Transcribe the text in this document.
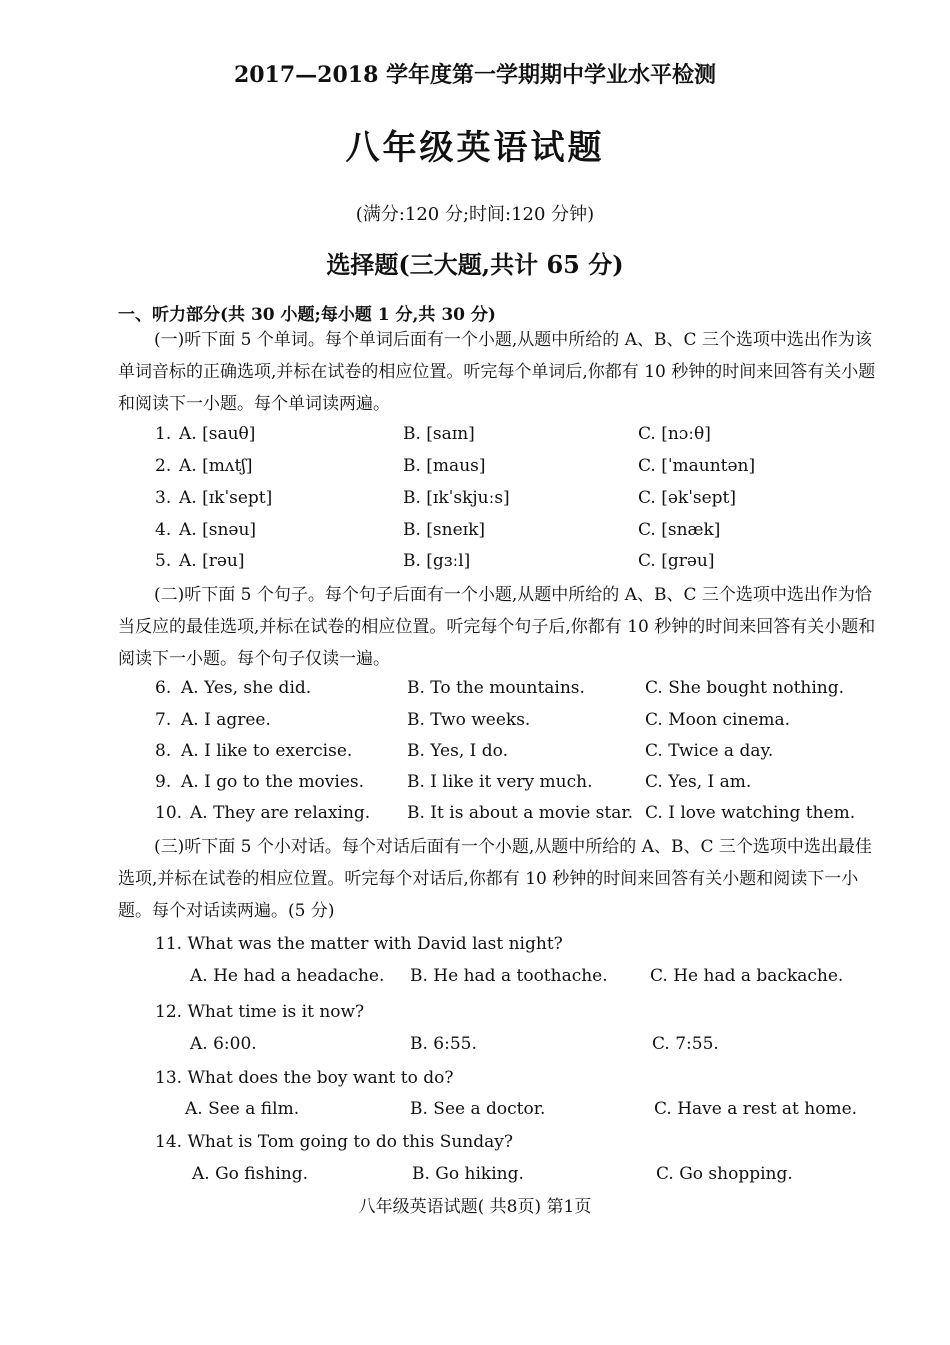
2017—2018 学年度第一学期期中学业水平检测
八年级英语试题
(满分:120 分;时间:120 分钟)
选择题(三大题,共计 65 分)
一、听力部分(共 30 小题;每小题 1 分,共 30 分)
(一)听下面 5 个单词。每个单词后面有一个小题,从题中所给的 A、B、C 三个选项中选出作为该单词音标的正确选项,并标在试卷的相应位置。听完每个单词后,你都有 10 秒钟的时间来回答有关小题和阅读下一小题。每个单词读两遍。
1. A. [sauθ]	B. [saɪn]	C. [nɔːθ]
2. A. [mʌtʃ]	B. [maus]	C. [ˈmauntən]
3. A. [ɪkˈsept]	B. [ɪkˈskjuːs]	C. [əkˈsept]
4. A. [snəu]	B. [sneɪk]	C. [snæk]
5. A. [rəu]	B. [gɜːl]	C. [grəu]
(二)听下面 5 个句子。每个句子后面有一个小题,从题中所给的 A、B、C 三个选项中选出作为恰当反应的最佳选项,并标在试卷的相应位置。听完每个句子后,你都有 10 秒钟的时间来回答有关小题和阅读下一小题。每个句子仅读一遍。
6. A. Yes, she did.	B. To the mountains.	C. She bought nothing.
7. A. I agree.	B. Two weeks.	C. Moon cinema.
8. A. I like to exercise.	B. Yes, I do.	C. Twice a day.
9. A. I go to the movies.	B. I like it very much.	C. Yes, I am.
10. A. They are relaxing. B. It is about a movie star. C. I love watching them.
(三)听下面 5 个小对话。每个对话后面有一个小题,从题中所给的 A、B、C 三个选项中选出最佳选项,并标在试卷的相应位置。听完每个对话后,你都有 10 秒钟的时间来回答有关小题和阅读下一小题。每个对话读两遍。(5 分)
11. What was the matter with David last night?
A. He had a headache. B. He had a toothache. C. He had a backache.
12. What time is it now?
A. 6:00.	B. 6:55.	C. 7:55.
13. What does the boy want to do?
A. See a film.	B. See a doctor.	C. Have a rest at home.
14. What is Tom going to do this Sunday?
A. Go fishing.	B. Go hiking.	C. Go shopping.
八年级英语试题( 共8页) 第1页
